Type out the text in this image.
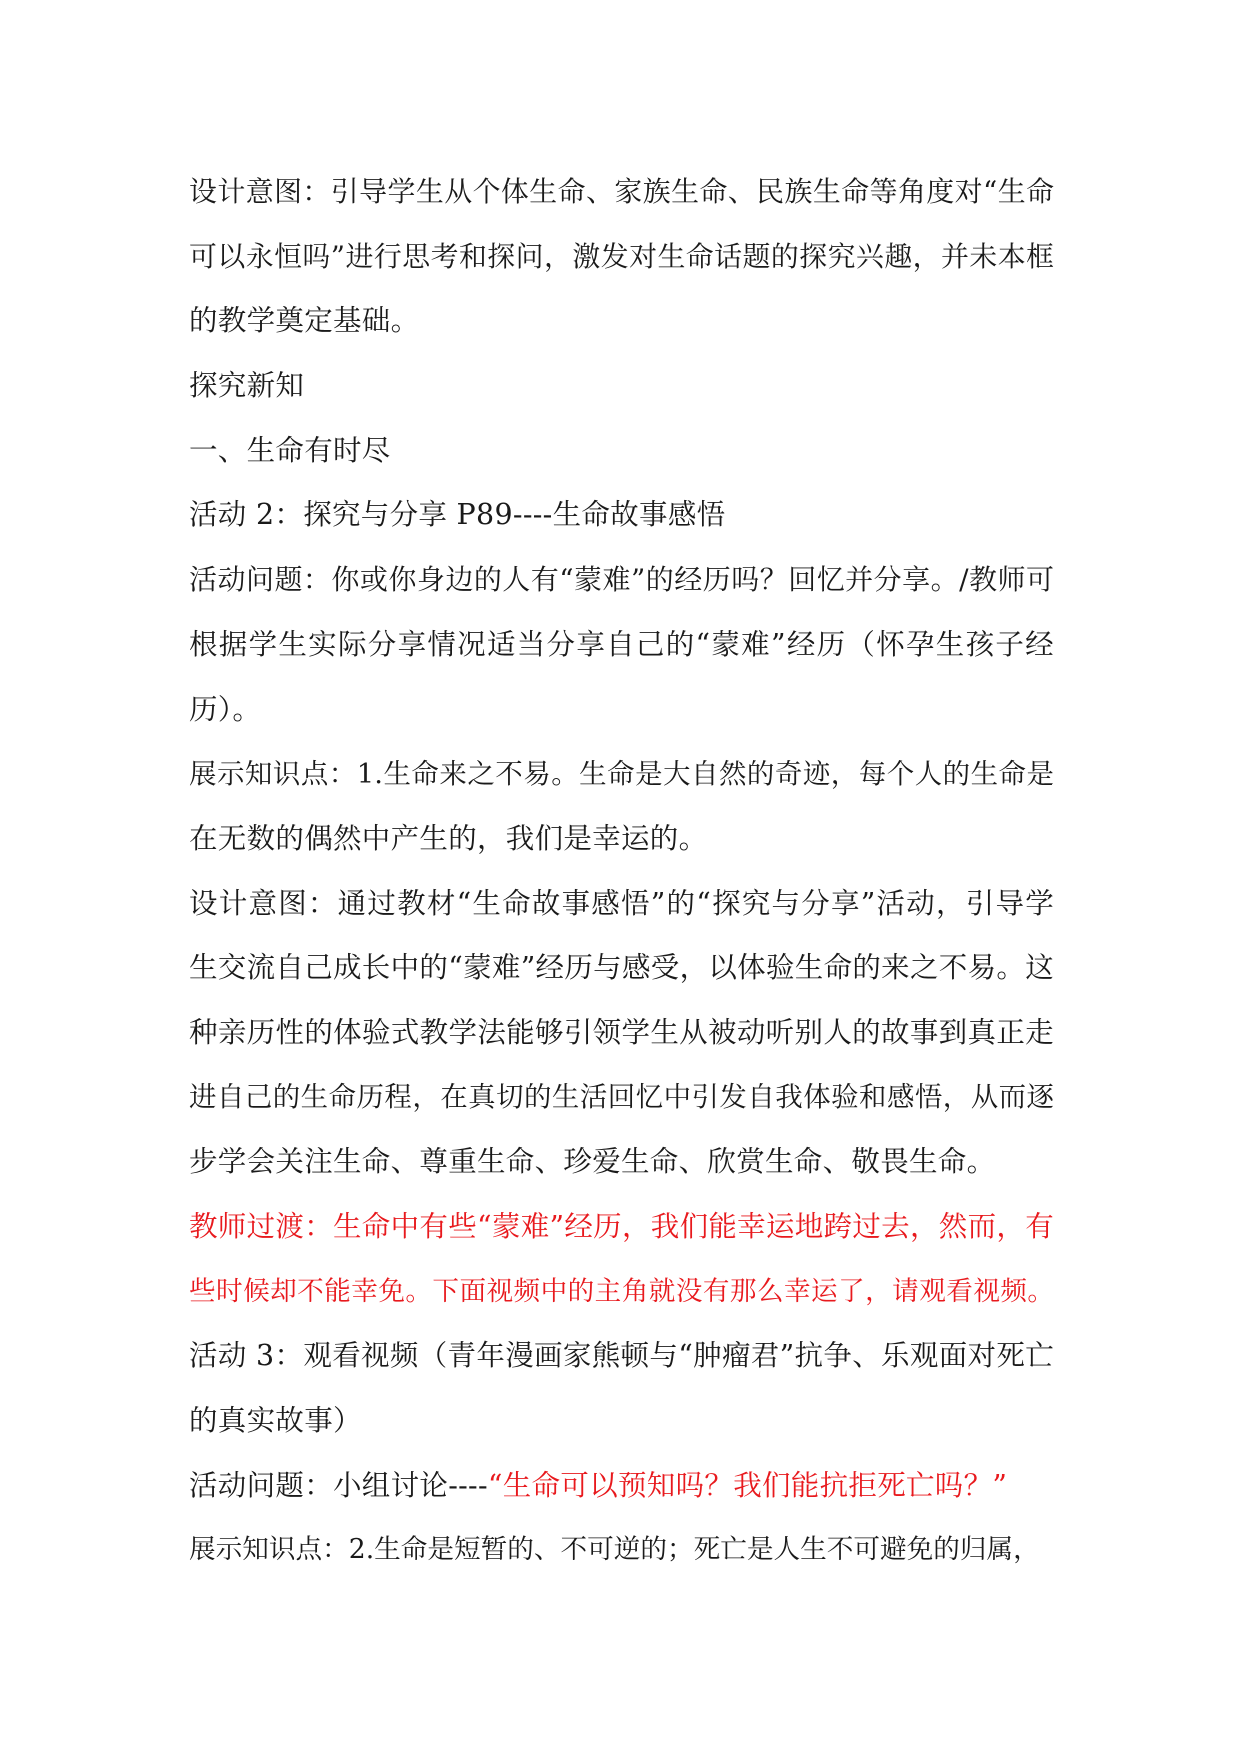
设计意图：引导学生从个体生命、家族生命、民族生命等角度对“生命
可以永恒吗”进行思考和探问，激发对生命话题的探究兴趣，并未本框
的教学奠定基础。
探究新知
一、生命有时尽
活动 2：探究与分享 P89----生命故事感悟
活动问题：你或你身边的人有“蒙难”的经历吗？回忆并分享。/教师可
根据学生实际分享情况适当分享自己的“蒙难”经历（怀孕生孩子经
历）。
展示知识点：1.生命来之不易。生命是大自然的奇迹，每个人的生命是
在无数的偶然中产生的，我们是幸运的。
设计意图：通过教材“生命故事感悟”的“探究与分享”活动，引导学
生交流自己成长中的“蒙难”经历与感受，以体验生命的来之不易。这
种亲历性的体验式教学法能够引领学生从被动听别人的故事到真正走
进自己的生命历程，在真切的生活回忆中引发自我体验和感悟，从而逐
步学会关注生命、尊重生命、珍爱生命、欣赏生命、敬畏生命。
教师过渡：生命中有些“蒙难”经历，我们能幸运地跨过去，然而，有
些时候却不能幸免。下面视频中的主角就没有那么幸运了，请观看视频。
活动 3：观看视频（青年漫画家熊顿与“肿瘤君”抗争、乐观面对死亡
的真实故事）
活动问题：小组讨论----“生命可以预知吗？我们能抗拒死亡吗？”
展示知识点：2.生命是短暂的、不可逆的；死亡是人生不可避免的归属，
